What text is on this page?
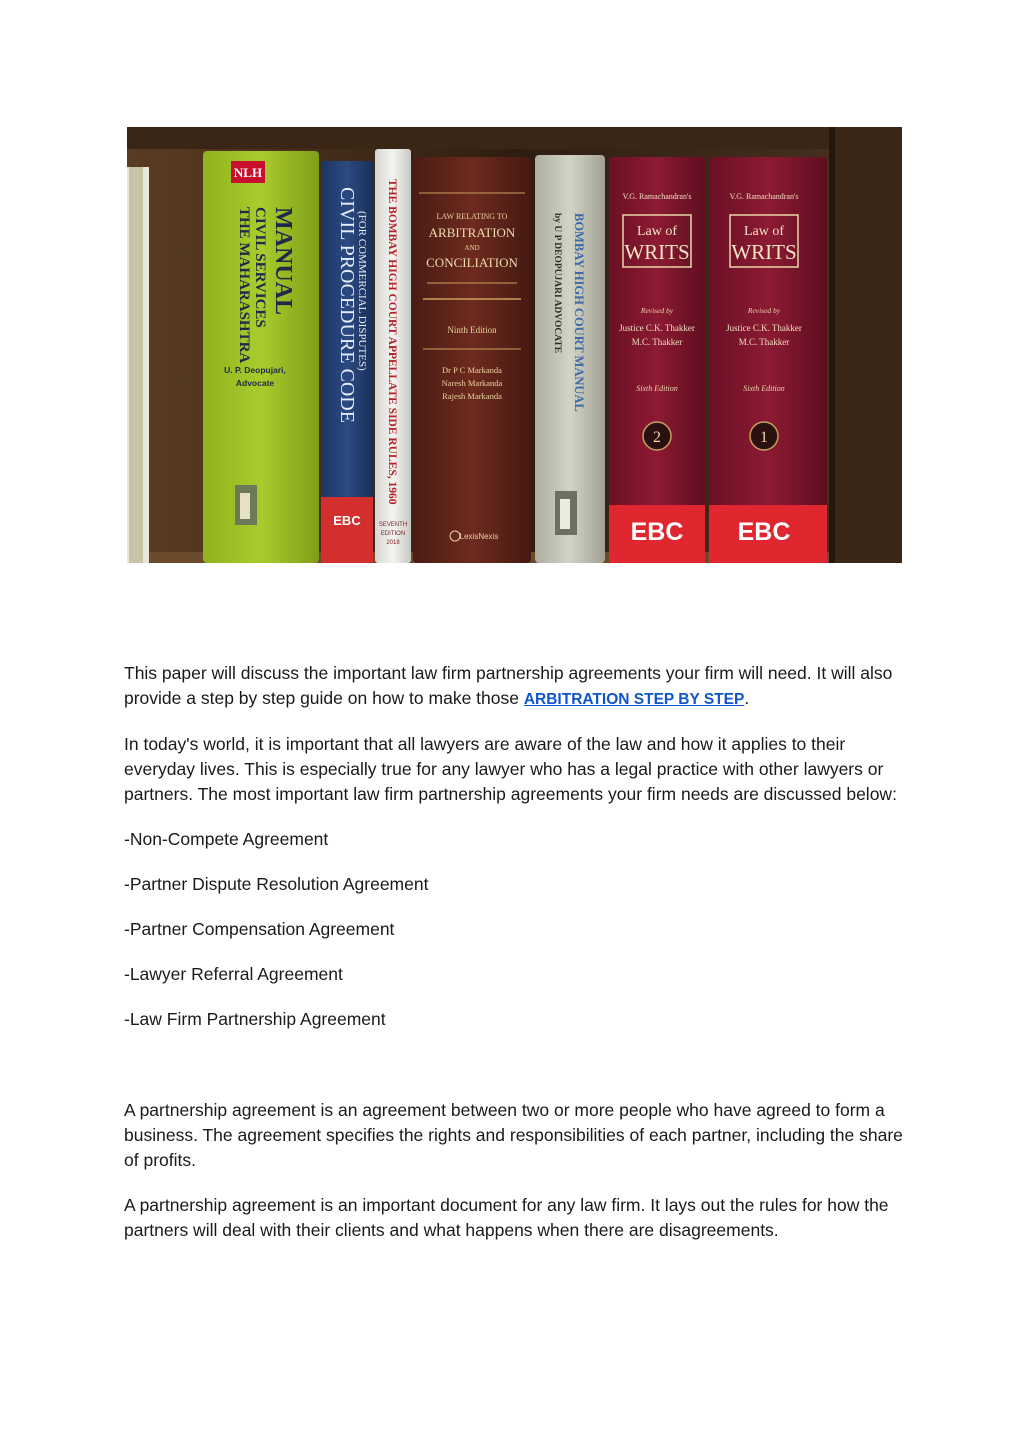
NLH
THE MAHARASHTRA CIVIL SERVICES MANUAL
U. P. Deopujari,
Advocate
EBC
CIVIL PROCEDURE CODE
(FOR COMMERCIAL DISPUTES) THE BOMBAY HIGH COURT APPELLATE SIDE RULES, 1960
SEVENTH
EDITION
2018
LAW RELATING TO
ARBITRATION
AND
CONCILIATION
Ninth Edition
Dr P C Markanda
Naresh Markanda
Rajesh Markanda
LexisNexis
BOMBAY HIGH COURT MANUAL
by U P DEOPUJARI ADVOCATE
V.G. Ramachandran's
Law of
WRITS
Revised by
Justice C.K. Thakker
M.C. Thakker
Sixth Edition
2
EBC
V.G. Ramachandran's
Law of
WRITS
Revised by
Justice C.K. Thakker
M.C. Thakker
Sixth Edition
1
EBC

This paper will discuss the important law firm partnership agreements your firm will need. It will also provide a step by step guide on how to make those ARBITRATION STEP BY STEP.

In today's world, it is important that all lawyers are aware of the law and how it applies to their everyday lives. This is especially true for any lawyer who has a legal practice with other lawyers or partners. The most important law firm partnership agreements your firm needs are discussed below:

-Non-Compete Agreement

-Partner Dispute Resolution Agreement

-Partner Compensation Agreement

-Lawyer Referral Agreement

-Law Firm Partnership Agreement

A partnership agreement is an agreement between two or more people who have agreed to form a business. The agreement specifies the rights and responsibilities of each partner, including the share of profits.

A partnership agreement is an important document for any law firm. It lays out the rules for how the partners will deal with their clients and what happens when there are disagreements.
